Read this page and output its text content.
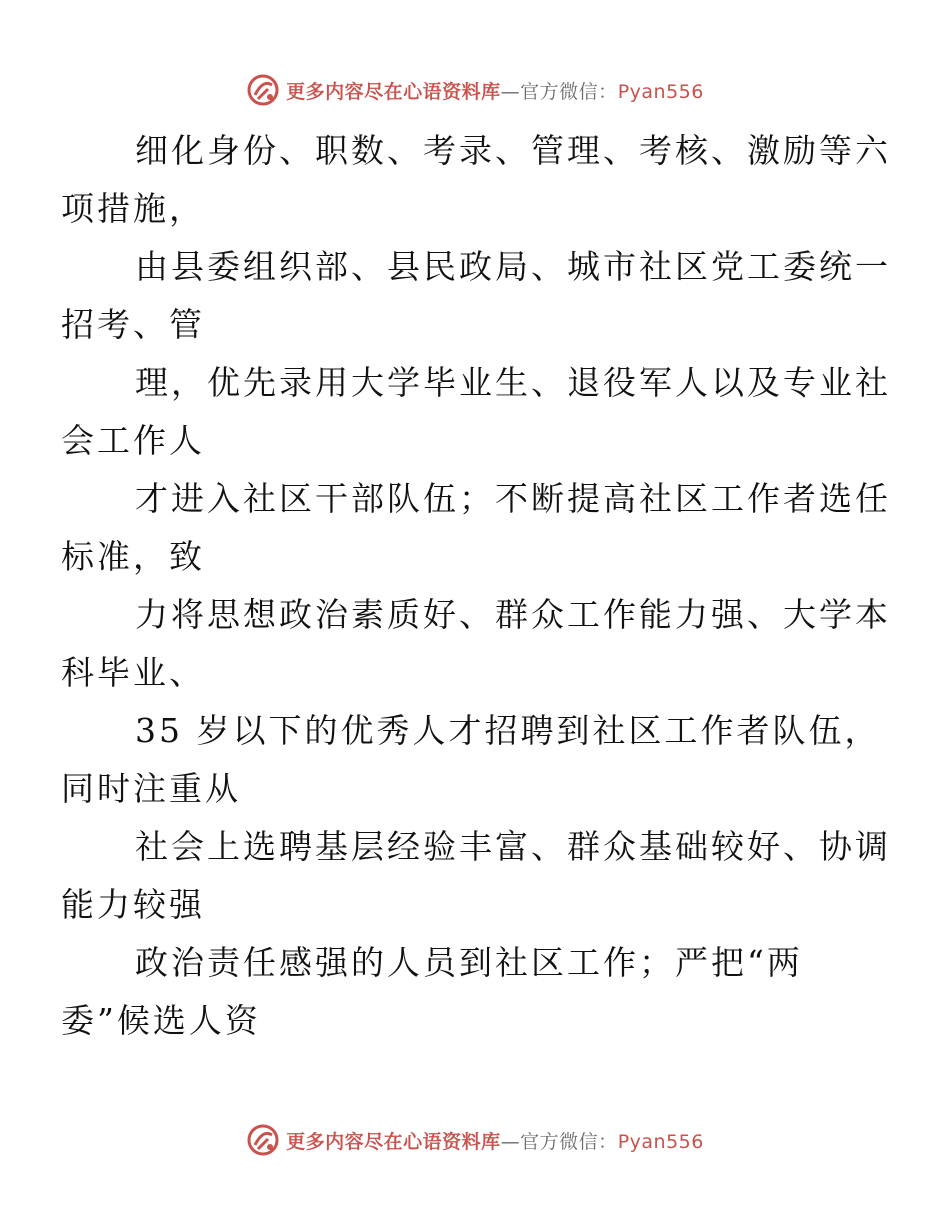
更多内容尽在心语资料库—官方微信：Pyan556

细化身份、职数、考录、管理、考核、激励等六
项措施，

由县委组织部、县民政局、城市社区党工委统一
招考、管

理，优先录用大学毕业生、退役军人以及专业社
会工作人

才进入社区干部队伍；不断提高社区工作者选任
标准，致

力将思想政治素质好、群众工作能力强、大学本
科毕业、

35 岁以下的优秀人才招聘到社区工作者队伍，
同时注重从

社会上选聘基层经验丰富、群众基础较好、协调
能力较强

政治责任感强的人员到社区工作；严把“两
委”候选人资

更多内容尽在心语资料库—官方微信：Pyan556
